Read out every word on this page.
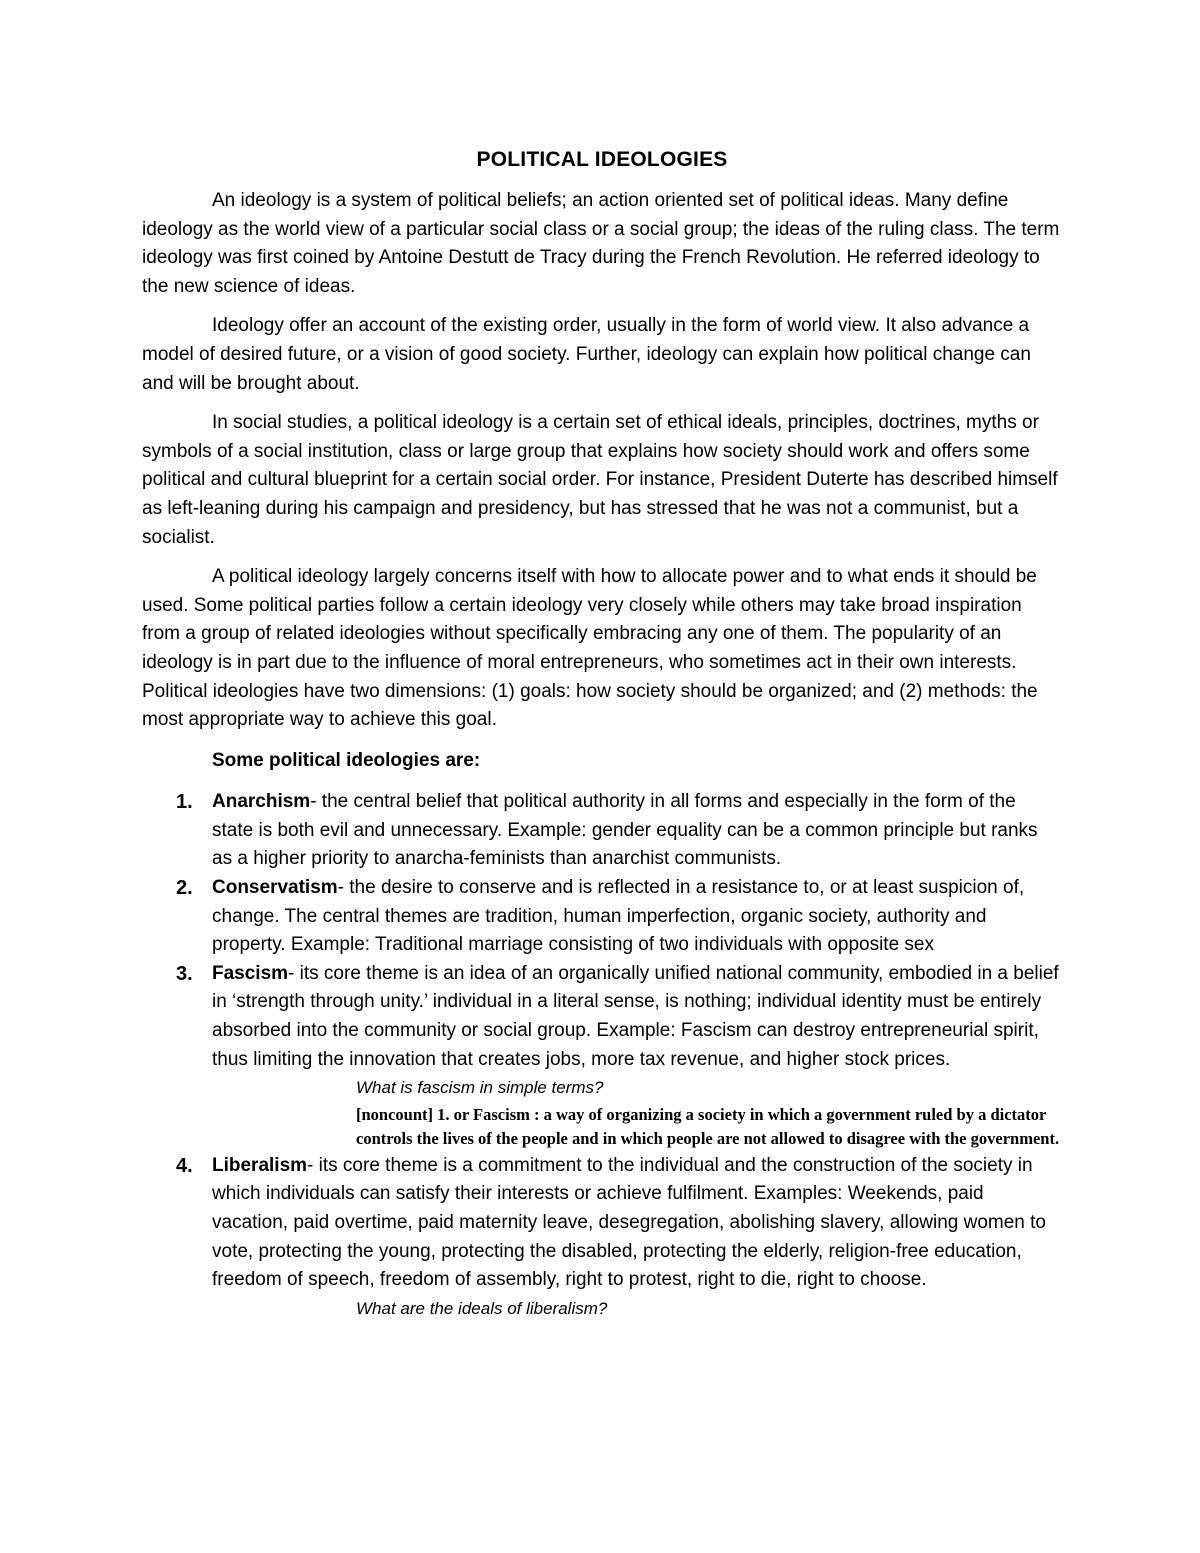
POLITICAL IDEOLOGIES

An ideology is a system of political beliefs; an action oriented set of political ideas. Many define ideology as the world view of a particular social class or a social group; the ideas of the ruling class. The term ideology was first coined by Antoine Destutt de Tracy during the French Revolution. He referred ideology to the new science of ideas.

Ideology offer an account of the existing order, usually in the form of world view. It also advance a model of desired future, or a vision of good society. Further, ideology can explain how political change can and will be brought about.

In social studies, a political ideology is a certain set of ethical ideals, principles, doctrines, myths or symbols of a social institution, class or large group that explains how society should work and offers some political and cultural blueprint for a certain social order. For instance, President Duterte has described himself as left-leaning during his campaign and presidency, but has stressed that he was not a communist, but a socialist.

A political ideology largely concerns itself with how to allocate power and to what ends it should be used. Some political parties follow a certain ideology very closely while others may take broad inspiration from a group of related ideologies without specifically embracing any one of them. The popularity of an ideology is in part due to the influence of moral entrepreneurs, who sometimes act in their own interests. Political ideologies have two dimensions: (1) goals: how society should be organized; and (2) methods: the most appropriate way to achieve this goal.

Some political ideologies are:

1. Anarchism- the central belief that political authority in all forms and especially in the form of the state is both evil and unnecessary. Example: gender equality can be a common principle but ranks as a higher priority to anarcha-feminists than anarchist communists.
2. Conservatism- the desire to conserve and is reflected in a resistance to, or at least suspicion of, change. The central themes are tradition, human imperfection, organic society, authority and property. Example: Traditional marriage consisting of two individuals with opposite sex
3. Fascism- its core theme is an idea of an organically unified national community, embodied in a belief in ‘strength through unity.’ individual in a literal sense, is nothing; individual identity must be entirely absorbed into the community or social group. Example: Fascism can destroy entrepreneurial spirit, thus limiting the innovation that creates jobs, more tax revenue, and higher stock prices.
What is fascism in simple terms?
[noncount] 1. or Fascism : a way of organizing a society in which a government ruled by a dictator controls the lives of the people and in which people are not allowed to disagree with the government.
4. Liberalism- its core theme is a commitment to the individual and the construction of the society in which individuals can satisfy their interests or achieve fulfilment. Examples: Weekends, paid vacation, paid overtime, paid maternity leave, desegregation, abolishing slavery, allowing women to vote, protecting the young, protecting the disabled, protecting the elderly, religion-free education, freedom of speech, freedom of assembly, right to protest, right to die, right to choose.
What are the ideals of liberalism?
